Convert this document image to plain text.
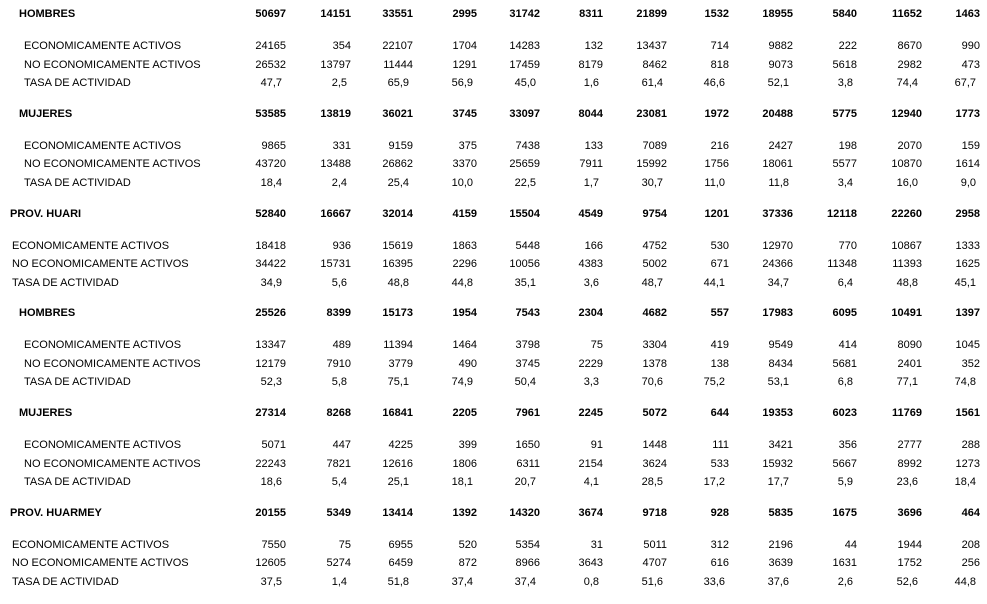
HOMBRES	50697	14151	33551	2995	31742	8311	21899	1532	18955	5840	11652	1463
ECONOMICAMENTE ACTIVOS	24165	354	22107	1704	14283	132	13437	714	9882	222	8670	990
NO ECONOMICAMENTE ACTIVOS	26532	13797	11444	1291	17459	8179	8462	818	9073	5618	2982	473
TASA DE ACTIVIDAD	47,7	2,5	65,9	56,9	45,0	1,6	61,4	46,6	52,1	3,8	74,4	67,7
MUJERES	53585	13819	36021	3745	33097	8044	23081	1972	20488	5775	12940	1773
ECONOMICAMENTE ACTIVOS	9865	331	9159	375	7438	133	7089	216	2427	198	2070	159
NO ECONOMICAMENTE ACTIVOS	43720	13488	26862	3370	25659	7911	15992	1756	18061	5577	10870	1614
TASA DE ACTIVIDAD	18,4	2,4	25,4	10,0	22,5	1,7	30,7	11,0	11,8	3,4	16,0	9,0
PROV. HUARI	52840	16667	32014	4159	15504	4549	9754	1201	37336	12118	22260	2958
ECONOMICAMENTE ACTIVOS	18418	936	15619	1863	5448	166	4752	530	12970	770	10867	1333
NO ECONOMICAMENTE ACTIVOS	34422	15731	16395	2296	10056	4383	5002	671	24366	11348	11393	1625
TASA DE ACTIVIDAD	34,9	5,6	48,8	44,8	35,1	3,6	48,7	44,1	34,7	6,4	48,8	45,1
HOMBRES	25526	8399	15173	1954	7543	2304	4682	557	17983	6095	10491	1397
ECONOMICAMENTE ACTIVOS	13347	489	11394	1464	3798	75	3304	419	9549	414	8090	1045
NO ECONOMICAMENTE ACTIVOS	12179	7910	3779	490	3745	2229	1378	138	8434	5681	2401	352
TASA DE ACTIVIDAD	52,3	5,8	75,1	74,9	50,4	3,3	70,6	75,2	53,1	6,8	77,1	74,8
MUJERES	27314	8268	16841	2205	7961	2245	5072	644	19353	6023	11769	1561
ECONOMICAMENTE ACTIVOS	5071	447	4225	399	1650	91	1448	111	3421	356	2777	288
NO ECONOMICAMENTE ACTIVOS	22243	7821	12616	1806	6311	2154	3624	533	15932	5667	8992	1273
TASA DE ACTIVIDAD	18,6	5,4	25,1	18,1	20,7	4,1	28,5	17,2	17,7	5,9	23,6	18,4
PROV. HUARMEY	20155	5349	13414	1392	14320	3674	9718	928	5835	1675	3696	464
ECONOMICAMENTE ACTIVOS	7550	75	6955	520	5354	31	5011	312	2196	44	1944	208
NO ECONOMICAMENTE ACTIVOS	12605	5274	6459	872	8966	3643	4707	616	3639	1631	1752	256
TASA DE ACTIVIDAD	37,5	1,4	51,8	37,4	37,4	0,8	51,6	33,6	37,6	2,6	52,6	44,8
